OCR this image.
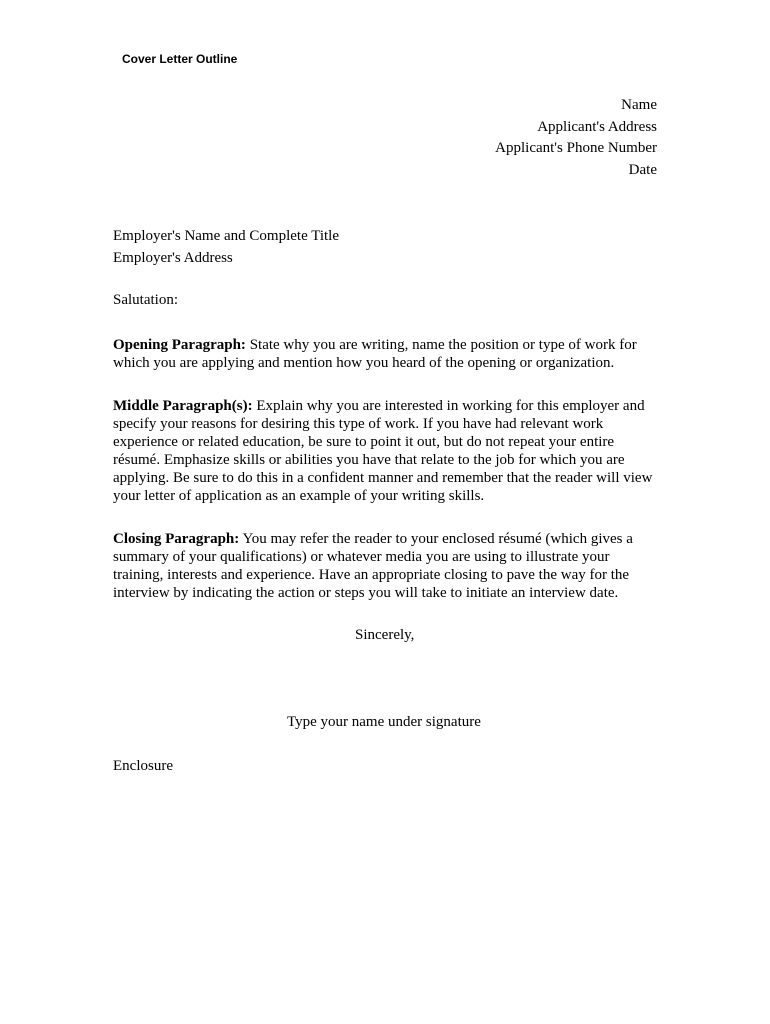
Cover Letter Outline
Name
Applicant's Address
Applicant's Phone Number
Date
Employer's Name and Complete Title
Employer's Address
Salutation:

Opening Paragraph: State why you are writing, name the position or type of work for which you are applying and mention how you heard of the opening or organization.

Middle Paragraph(s): Explain why you are interested in working for this employer and specify your reasons for desiring this type of work. If you have had relevant work experience or related education, be sure to point it out, but do not repeat your entire résumé. Emphasize skills or abilities you have that relate to the job for which you are applying. Be sure to do this in a confident manner and remember that the reader will view your letter of application as an example of your writing skills.

Closing Paragraph: You may refer the reader to your enclosed résumé (which gives a summary of your qualifications) or whatever media you are using to illustrate your training, interests and experience. Have an appropriate closing to pave the way for the interview by indicating the action or steps you will take to initiate an interview date.

Sincerely,
Type your name under signature
Enclosure
